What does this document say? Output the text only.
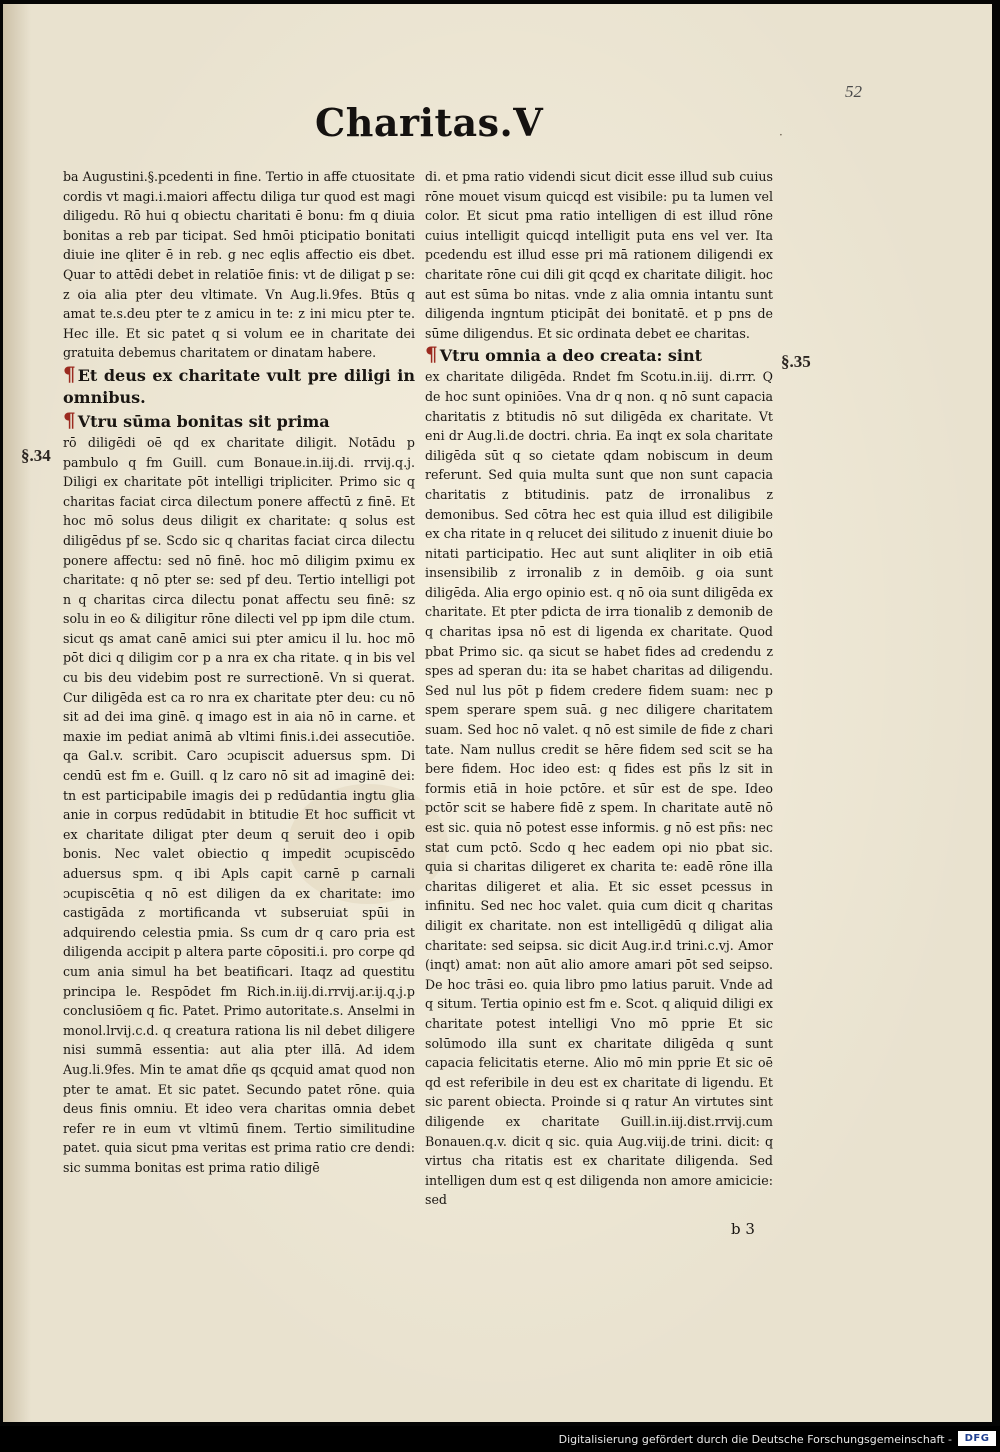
52
Charitas.V	·
§.34
§.35

ba Augustini.§.pcedenti in fine. Tertio in affe ctuositate cordis vt magi.i.maiori affectu diliga tur quod est magi diligedu. Rō hui q obiectu charitati ē bonu: fm q diuia bonitas a reb par ticipat. Sed hmōi pticipatio bonitati diuie ine qliter ē in reb. g nec eqlis affectio eis dbet. Quar to attēdi debet in relatiōe finis: vt de diligat p se: z oia alia pter deu vltimate. Vn Aug.li.9fes. Btūs q amat te.s.deu pter te z amicu in te: z ini micu pter te. Hec ille. Et sic patet q si volum ee in charitate dei gratuita debemus charitatem or dinatam habere.

¶ Et deus ex charitate vult pre diligi in omnibus.

¶ Vtru sūma bonitas sit prima

rō diligēdi oē qd ex charitate diligit. Notādu p pambulo q fm Guill. cum Bonaue.in.iij.di. rrvij.q.j. Diligi ex charitate pōt intelligi tripliciter. Primo sic q charitas faciat circa dilectum ponere affectū z finē. Et hoc mō solus deus diligit ex charitate: q solus est diligēdus pf se. Scdo sic q charitas faciat circa dilectu ponere affectu: sed nō finē. hoc mō diligim pximu ex charitate: q nō pter se: sed pf deu. Tertio intelligi pot n q charitas circa dilectu ponat affectu seu finē: sz solu in eo & diligitur rōne dilecti vel pp ipm dile ctum. sicut qs amat canē amici sui pter amicu il lu. hoc mō pōt dici q diligim cor p a nra ex cha ritate. q in bis vel cu bis deu videbim post re surrectionē. Vn si querat. Cur diligēda est ca ro nra ex charitate pter deu: cu nō sit ad dei ima ginē. q imago est in aia nō in carne. et maxie im pediat animā ab vltimi finis.i.dei assecutiōe. qa Gal.v. scribit. Caro ɔcupiscit aduersus spm. Di cendū est fm e. Guill. q lz caro nō sit ad imaginē dei: tn est participabile imagis dei p redūdantia ingtu glia anie in corpus redūdabit in btitudie Et hoc sufficit vt ex charitate diligat pter deum q seruit deo i opib bonis. Nec valet obiectio q impedit ɔcupiscēdo aduersus spm. q ibi Apls capit carnē p carnali ɔcupiscētia q nō est diligen da ex charitate: imo castigāda z mortificanda vt subseruiat spūi in adquirendo celestia pmia. Ss cum dr q caro pria est diligenda accipit p altera parte cōpositi.i. pro corpe qd cum ania simul ha bet beatificari. Itaqz ad questitu principa le. Respōdet fm Rich.in.iij.di.rrvij.ar.ij.q.j.p conclusiōem q fic. Patet. Primo autoritate.s. Anselmi in monol.lrvij.c.d. q creatura rationa lis nil debet diligere nisi summā essentia: aut alia pter illā. Ad idem Aug.li.9fes. Min te amat dñe qs qcquid amat quod non pter te amat. Et sic patet. Secundo patet rōne. quia deus finis omniu. Et ideo vera charitas omnia debet refer re in eum vt vltimū finem. Tertio similitudine patet. quia sicut pma veritas est prima ratio cre dendi: sic summa bonitas est prima ratio diligē

di. et pma ratio videndi sicut dicit esse illud sub cuius rōne mouet visum quicqd est visibile: pu ta lumen vel color. Et sicut pma ratio intelligen di est illud rōne cuius intelligit quicqd intelligit puta ens vel ver. Ita pcedendu est illud esse pri mā rationem diligendi ex charitate rōne cui dili git qcqd ex charitate diligit. hoc aut est sūma bo nitas. vnde z alia omnia intantu sunt diligenda ingntum pticipāt dei bonitatē. et p pns de sūme diligendus. Et sic ordinata debet ee charitas.

¶ Vtru omnia a deo creata: sint

ex charitate diligēda. Rndet fm Scotu.in.iij. di.rrr. Q de hoc sunt opiniōes. Vna dr q non. q nō sunt capacia charitatis z btitudis nō sut diligēda ex charitate. Vt eni dr Aug.li.de doctri. chria. Ea inqt ex sola charitate diligēda sūt q so cietate qdam nobiscum in deum referunt. Sed quia multa sunt que non sunt capacia charitatis z btitudinis. patz de irronalibus z demonibus. Sed cōtra hec est quia illud est diligibile ex cha ritate in q relucet dei silitudo z inuenit diuie bo nitati participatio. Hec aut sunt aliqliter in oib etiā insensibilib z irronalib z in demōib. g oia sunt diligēda. Alia ergo opinio est. q nō oia sunt diligēda ex charitate. Et pter pdicta de irra tionalib z demonib de q charitas ipsa nō est di ligenda ex charitate. Quod pbat Primo sic. qa sicut se habet fides ad credendu z spes ad speran du: ita se habet charitas ad diligendu. Sed nul lus pōt p fidem credere fidem suam: nec p spem sperare spem suā. g nec diligere charitatem suam. Sed hoc nō valet. q nō est simile de fide z chari tate. Nam nullus credit se hēre fidem sed scit se ha bere fidem. Hoc ideo est: q fides est pñs lz sit in formis etiā in hoie pctōre. et sūr est de spe. Ideo pctōr scit se habere fidē z spem. In charitate autē nō est sic. quia nō potest esse informis. g nō est pñs: nec stat cum pctō. Scdo q hec eadem opi nio pbat sic. quia si charitas diligeret ex charita te: eadē rōne illa charitas diligeret et alia. Et sic esset pcessus in infinitu. Sed nec hoc valet. quia cum dicit q charitas diligit ex charitate. non est intelligēdū q diligat alia charitate: sed seipsa. sic dicit Aug.ir.d trini.c.vj. Amor (inqt) amat: non aūt alio amore amari pōt sed seipso. De hoc trāsi eo. quia libro pmo latius paruit. Vnde ad q situm. Tertia opinio est fm e. Scot. q aliquid diligi ex charitate potest intelligi Vno mō pprie Et sic solūmodo illa sunt ex charitate diligēda q sunt capacia felicitatis eterne. Alio mō min pprie Et sic oē qd est referibile in deu est ex charitate di ligendu. Et sic parent obiecta. Proinde si q ratur An virtutes sint diligende ex charitate Guill.in.iij.dist.rrvij.cum Bonauen.q.v. dicit q sic. quia Aug.viij.de trini. dicit: q virtus cha ritatis est ex charitate diligenda. Sed intelligen dum est q est diligenda non amore amicicie: sed

b 3
Digitalisierung gefördert durch die Deutsche Forschungsgemeinschaft -	DFG
